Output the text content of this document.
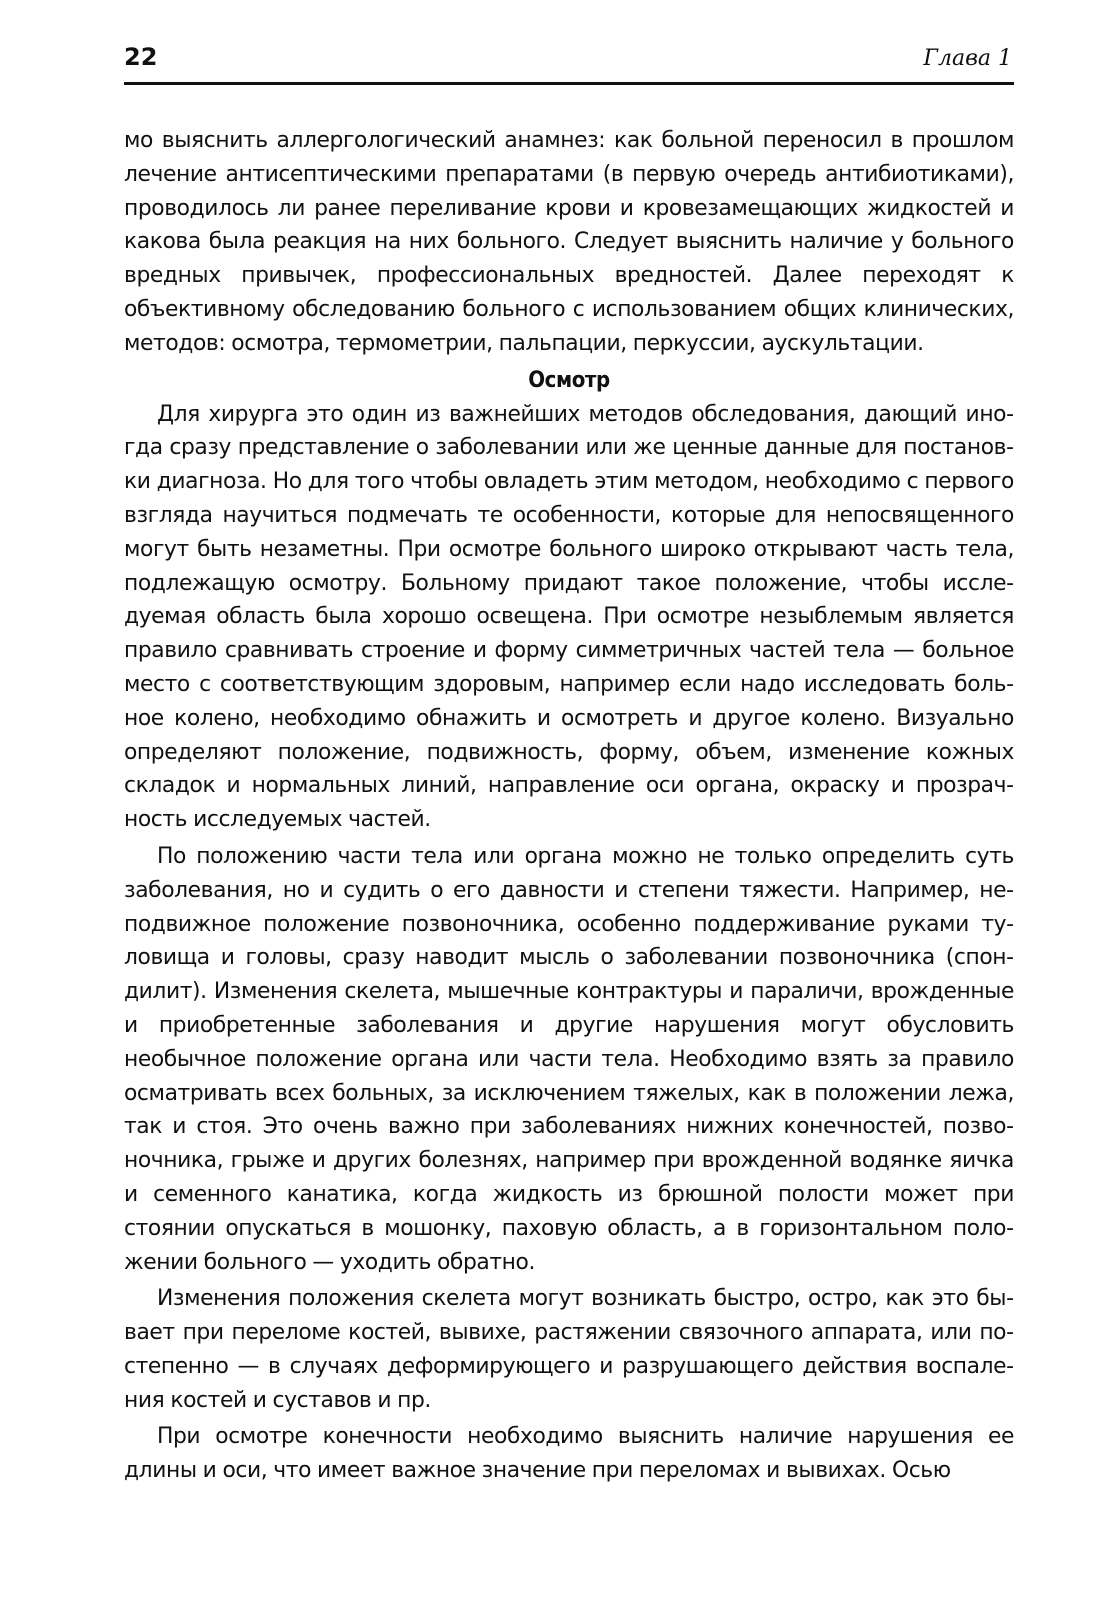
22	Глава 1

мо выяснить аллергологический анамнез: как больной переносил в прошлом лечение антисептическими препаратами (в первую очередь антибиотиками), проводилось ли ранее переливание крови и кровезамещающих жидкостей и какова была реакция на них больного. Следует выяснить наличие у больного вредных привычек, профессиональных вредностей. Далее переходят к объективному обследованию больного с использованием общих клинических, методов: осмотра, термометрии, пальпации, перкуссии, аускультации.

Осмотр

Для хирурга это один из важнейших методов обследования, дающий иногда сразу представление о заболевании или же ценные данные для постановки диагноза. Но для того чтобы овладеть этим методом, необходимо с первого взгляда научиться подмечать те особенности, которые для непосвященного могут быть незаметны. При осмотре больного широко открывают часть тела, подлежащую осмотру. Больному придают такое положение, чтобы исследуемая область была хорошо освещена. При осмотре незыблемым является правило сравнивать строение и форму симметричных частей тела — больное место с соответствующим здоровым, например если надо исследовать больное колено, необходимо обнажить и осмотреть и другое колено. Визуально определяют положение, подвижность, форму, объем, изменение кожных складок и нормальных линий, направление оси органа, окраску и прозрачность исследуемых частей.

По положению части тела или органа можно не только определить суть заболевания, но и судить о его давности и степени тяжести. Например, неподвижное положение позвоночника, особенно поддерживание руками туловища и головы, сразу наводит мысль о заболевании позвоночника (спондилит). Изменения скелета, мышечные контрактуры и параличи, врожденные и приобретенные заболевания и другие нарушения могут обусловить необычное положение органа или части тела. Необходимо взять за правило осматривать всех больных, за исключением тяжелых, как в положении лежа, так и стоя. Это очень важно при заболеваниях нижних конечностей, позвоночника, грыже и других болезнях, например при врожденной водянке яичка и семенного канатика, когда жидкость из брюшной полости может при стоянии опускаться в мошонку, паховую область, а в горизонтальном положении больного — уходить обратно.

Изменения положения скелета могут возникать быстро, остро, как это бывает при переломе костей, вывихе, растяжении связочного аппарата, или постепенно — в случаях деформирующего и разрушающего действия воспаления костей и суставов и пр.

При осмотре конечности необходимо выяснить наличие нарушения ее длины и оси, что имеет важное значение при переломах и вывихах. Осью
